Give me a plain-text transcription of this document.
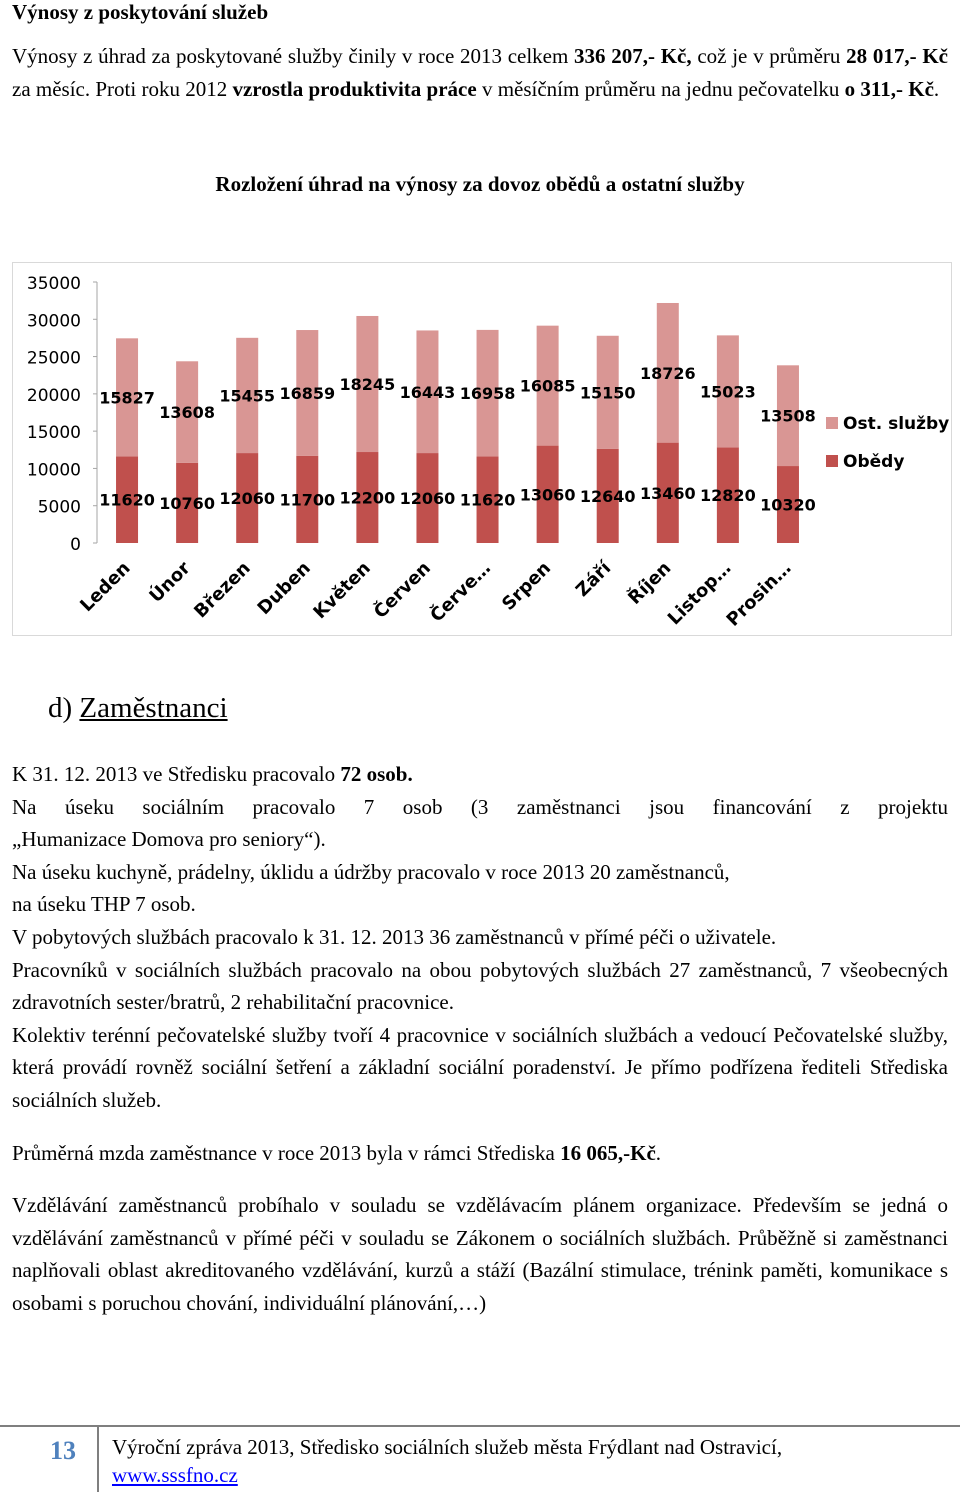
Výnosy z poskytování služeb

Výnosy z úhrad za poskytované služby činily v roce 2013 celkem 336 207,- Kč, což je v průměru 28 017,- Kč za měsíc. Proti roku 2012 vzrostla produktivita práce v měsíčním průměru na jednu pečovatelku o 311,- Kč.

Rozložení úhrad na výnosy za dovoz obědů a ostatní služby
0
5000
10000
15000
20000
25000
30000
35000
11620
15827
Leden
10760
13608
Únor
12060
15455
Březen
11700
16859
Duben
12200
18245
Květen
12060
16443
Červen
11620
16958
Červe…
13060
16085
Srpen
12640
15150
Září
13460
18726
Říjen
12820
15023
Listop…
10320
13508
Prosin…
Ost. služby
Obědy
d) Zaměstnanci
K 31. 12. 2013 ve Středisku pracovalo 72 osob.
Na úseku sociálním pracovalo 7 osob (3 zaměstnanci jsou financování z projektu
„Humanizace Domova pro seniory“).
Na úseku kuchyně, prádelny, úklidu a údržby pracovalo v roce 2013 20 zaměstnanců,
na úseku THP 7 osob.
V pobytových službách pracovalo k 31. 12. 2013 36 zaměstnanců v přímé péči o uživatele.
Pracovníků v sociálních službách pracovalo na obou pobytových službách 27 zaměstnanců, 7 všeobecných zdravotních sester/bratrů, 2 rehabilitační pracovnice.
Kolektiv terénní pečovatelské služby tvoří 4 pracovnice v sociálních službách a vedoucí Pečovatelské služby, která provádí rovněž sociální šetření a základní sociální poradenství. Je přímo podřízena řediteli Střediska sociálních služeb.
Průměrná mzda zaměstnance v roce 2013 byla v rámci Střediska 16 065,-Kč.
Vzdělávání zaměstnanců probíhalo v souladu se vzdělávacím plánem organizace. Především se jedná o vzdělávání zaměstnanců v přímé péči v souladu se Zákonem o sociálních službách. Průběžně si zaměstnanci naplňovali oblast akreditovaného vzdělávání, kurzů a stáží (Bazální stimulace, trénink paměti, komunikace s osobami s poruchou chování, individuální plánování,…)
13 Výroční zpráva 2013, Středisko sociálních služeb města Frýdlant nad Ostravicí,
www.sssfno.cz
